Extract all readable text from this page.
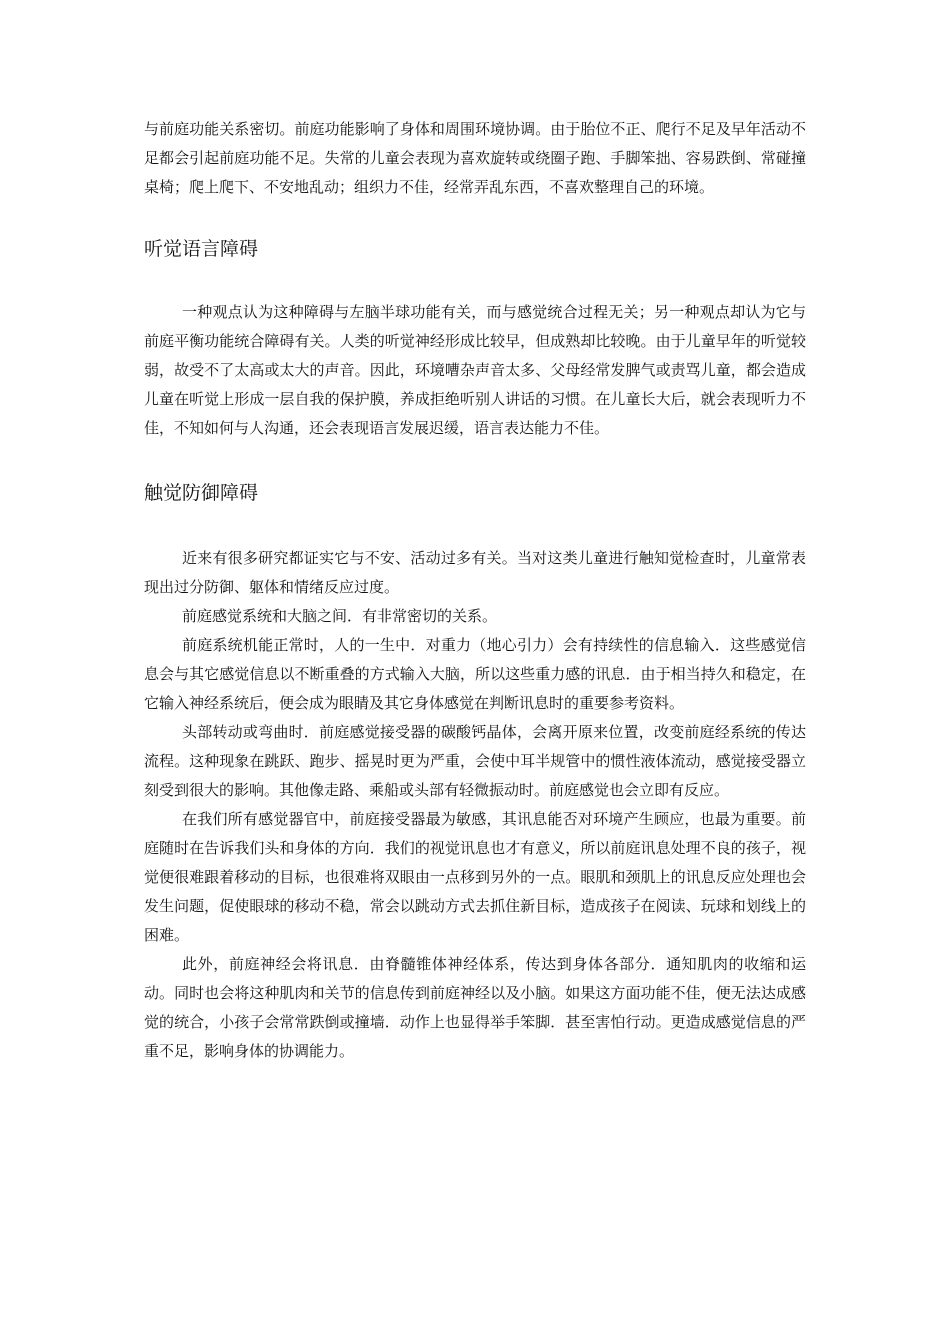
与前庭功能关系密切。前庭功能影响了身体和周围环境协调。由于胎位不正、爬行不足及早年活动不足都会引起前庭功能不足。失常的儿童会表现为喜欢旋转或绕圈子跑、手脚笨拙、容易跌倒、常碰撞桌椅；爬上爬下、不安地乱动；组织力不佳，经常弄乱东西，不喜欢整理自己的环境。

听觉语言障碍

一种观点认为这种障碍与左脑半球功能有关，而与感觉统合过程无关；另一种观点却认为它与前庭平衡功能统合障碍有关。人类的听觉神经形成比较早，但成熟却比较晚。由于儿童早年的听觉较弱，故受不了太高或太大的声音。因此，环境嘈杂声音太多、父母经常发脾气或责骂儿童，都会造成儿童在听觉上形成一层自我的保护膜，养成拒绝听别人讲话的习惯。在儿童长大后，就会表现听力不佳，不知如何与人沟通，还会表现语言发展迟缓，语言表达能力不佳。

触觉防御障碍

近来有很多研究都证实它与不安、活动过多有关。当对这类儿童进行触知觉检查时，儿童常表现出过分防御、躯体和情绪反应过度。

前庭感觉系统和大脑之间．有非常密切的关系。

前庭系统机能正常时，人的一生中．对重力（地心引力）会有持续性的信息输入．这些感觉信息会与其它感觉信息以不断重叠的方式输入大脑，所以这些重力感的讯息．由于相当持久和稳定，在它输入神经系统后，便会成为眼睛及其它身体感觉在判断讯息时的重要参考资料。

头部转动或弯曲时．前庭感觉接受器的碳酸钙晶体，会离开原来位置，改变前庭经系统的传达流程。这种现象在跳跃、跑步、摇晃时更为严重，会使中耳半规管中的惯性液体流动，感觉接受器立刻受到很大的影响。其他像走路、乘船或头部有轻微振动时。前庭感觉也会立即有反应。

在我们所有感觉器官中，前庭接受器最为敏感，其讯息能否对环境产生顾应，也最为重要。前庭随时在告诉我们头和身体的方向．我们的视觉讯息也才有意义，所以前庭讯息处理不良的孩子，视觉便很难跟着移动的目标，也很难将双眼由一点移到另外的一点。眼肌和颈肌上的讯息反应处理也会发生问题，促使眼球的移动不稳，常会以跳动方式去抓住新目标，造成孩子在阅读、玩球和划线上的困难。

此外，前庭神经会将讯息．由脊髓锥体神经体系，传达到身体各部分．通知肌肉的收缩和运动。同时也会将这种肌肉和关节的信息传到前庭神经以及小脑。如果这方面功能不佳，便无法达成感觉的统合，小孩子会常常跌倒或撞墙．动作上也显得举手笨脚．甚至害怕行动。更造成感觉信息的严重不足，影响身体的协调能力。
